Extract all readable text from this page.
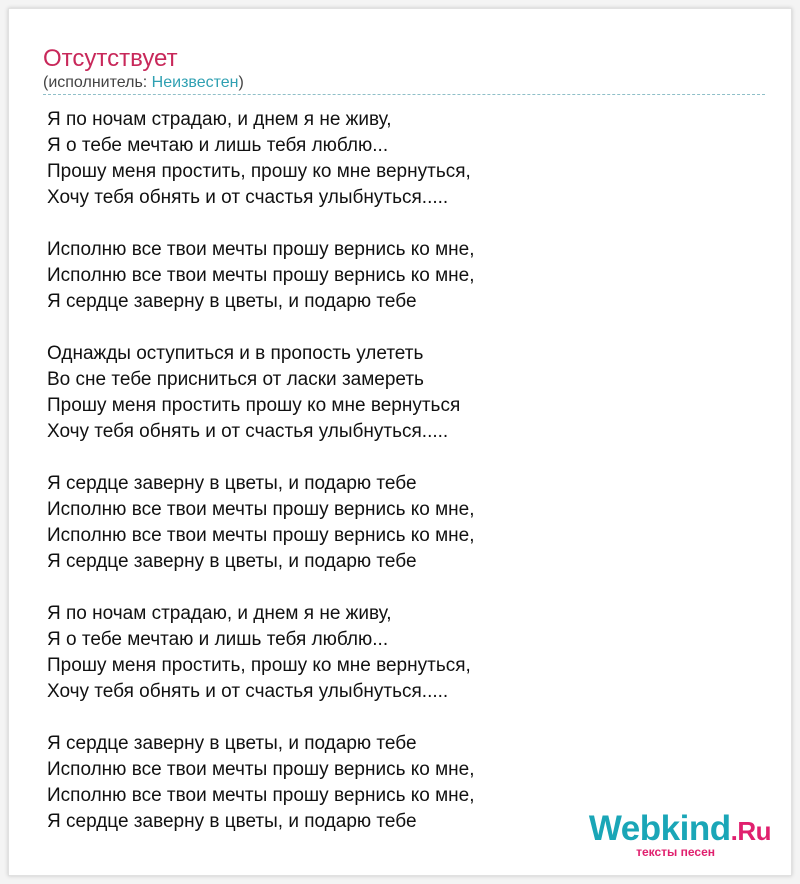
Отсутствует
(исполнитель: Неизвестен)
Я по ночам страдаю, и днем я не живу,
Я о тебе мечтаю и лишь тебя люблю...
Прошу меня простить, прошу ко мне вернуться,
Хочу тебя обнять и от счастья улыбнуться.....
Исполню все твои мечты прошу вернись ко мне,
Исполню все твои мечты прошу вернись ко мне,
Я сердце заверну в цветы, и подарю тебе
Однажды оступиться и в пропость улететь
Во сне тебе присниться от ласки замереть
Прошу меня простить прошу ко мне вернуться
Хочу тебя обнять и от счастья улыбнуться.....
Я сердце заверну в цветы, и подарю тебе
Исполню все твои мечты прошу вернись ко мне,
Исполню все твои мечты прошу вернись ко мне,
Я сердце заверну в цветы, и подарю тебе
Я по ночам страдаю, и днем я не живу,
Я о тебе мечтаю и лишь тебя люблю...
Прошу меня простить, прошу ко мне вернуться,
Хочу тебя обнять и от счастья улыбнуться.....
Я сердце заверну в цветы, и подарю тебе
Исполню все твои мечты прошу вернись ко мне,
Исполню все твои мечты прошу вернись ко мне,
Я сердце заверну в цветы, и подарю тебе	Webkind.Ru
тексты песен
